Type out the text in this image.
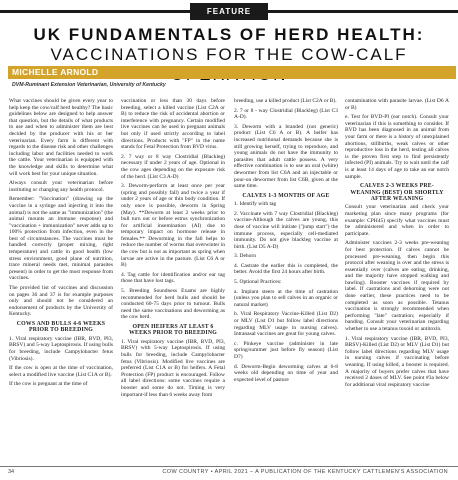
FEATURE
UK FUNDAMENTALS OF HERD HEALTH:
VACCINATIONS FOR THE COW-CALF
MICHELLE ARNOLD
DVM-Ruminant Extension Veterinarian, University of Kentucky

What vaccines should be given every year to help keep the cow/calf herd healthy? The basic guidelines below are designed to help answer that question, but the details of what products to use and when to administer them are best decided by the producer with his or her veterinarian. Every farm is different with regards to the disease risk and other challenges including labor and facilities needed to work the cattle. Your veterinarian is equipped with the knowledge and skills to determine what will work best for your unique situation.

Always consult your veterinarian before instituting or changing any health protocol.

Remember: "Vaccination" (drawing up the vaccine in a syringe and injecting it into the animal) is not the same as "immunization" (the animal mounts an immune response) and "vaccination + immunization" never adds up to 100% protection from infection, even in the best of circumstances. The vaccines must be handled correctly (proper mixing, right temperature) and cattle in good health (low stress environment, good plane of nutrition, trace mineral needs met, minimal parasites present) in order to get the most response from vaccines.

The provided list of vaccines and discussion on pages 36 and 37 is for example purposes only and should not be considered an endorsement of products by the University of Kentucky.

COWS AND BULLS 4-6 WEEKS PRIOR TO BREEDING

1. Viral respiratory vaccine (IBR, BVD, PI3, BRSV) and 5-way Leptospirosis. If using bulls for breeding, include Campylobacter fetus (Vibriosis).

If the cow is open at the time of vaccination, select a modified live vaccine (List C1A or B).

If the cow is pregnant at the time of

vaccination or less than 30 days before breeding, select a killed vaccine (List C2A or B) to reduce the risk of accidental abortion or interference with pregnancy. Certain modified live vaccines can be used in pregnant animals but only if used strictly according to label directions. Products with "FP" in the name stands for Fetal Protection from BVD virus.

2. 7 way or 8 way Clostridial (Blackleg) necessary if under 2 years of age. Optional in the cow ages depending on the exposure risk of the herd. (List C3 A-D)

3. Deworm-perform at least once per year (spring and possibly fall) and twice a year if under 2 years of age or thin body condition. If only once is possible, deworm in Spring (May). **Deworm at least 2 weeks prior to bull turn out or before estrus synchronization for artificial insemination (AI) due to temporary impact on hormone release in females.** Deworming in the fall helps to reduce the number of worms that overwinter in the cow but is not as important as spring when larvae are active in the pasture. (List C6 A or B)

4. Tag cattle for identification and/or ear tag those that have lost tags.

5. Breeding Soundness Exams are highly recommended for herd bulls and should be conducted 60-75 days prior to turnout. Bulls need the same vaccinations and deworming as the cow herd.

OPEN HEIFERS AT LEAST 6 WEEKS PRIOR TO BREEDING

1. Viral respiratory vaccine (IBR, BVD, PI3, BRSV) with 5-way Leptospirosis. If using bulls for breeding, include Campylobacter fetus (Vibriosis). Modified live vaccines are preferred (List C1A or B) for heifers. A Fetal Protection (FP) product is encouraged. Follow all label directions: some vaccines require a booster and some do not. Timing is very important-if less than 6 weeks away from

breeding, use a killed product (List C2A or B).

2. 7 or 8 - way Clostridial (Blackleg) (List C3 A-D).

3. Deworm with a branded (not generic) product (List C6 A or B). A heifer has increased nutritional demands because she is still growing herself, trying to reproduce, and young animals do not have the immunity to parasites that adult cattle possess. A very effective combination is to use an oral (white) dewormer from list C6A and an injectable or pour-on dewormer from list C6B, given at the same time.

CALVES 1-3 MONTHS OF AGE

1. Identify with tag

2. Vaccinate with 7 way Clostridial (Blackleg) vaccine-Although the calves are young, this dose of vaccine will initiate ("jump start") the immune process, especially cell-mediated immunity. Do not give blackleg vaccine at birth. (List D5 A-D)

3. Dehorn

4. Castrate the earlier this is completed, the better. Avoid the first 24 hours after birth.

5. Optional Practices:

a. Implant steers at the time of castration (unless you plan to sell calves in an organic or natural market)

b. Viral Respiratory Vaccine-Killed (List D2) or MLV (List D1 but follow label directions regarding MLV usage in nursing calves). Intranasal vaccines are great for young calves.

c. Pinkeye vaccine (administer in late spring/summer just before fly season) (List D7)

d. Deworm-Begin deworming calves at 6-8 weeks old depending on time of year and expected level of pasture

contamination with parasite larvae. (List D6 A or B)

e. Test for BVD-PI (ear notch). Consult your veterinarian if this is something to consider. If BVD has been diagnosed in an animal from your farm or there is a history of unexplained abortions, stillbirths, weak calves or other reproductive loss in the herd, testing all calves is the proven first step to find persistently infected (PI) animals. Try to wait until the calf is at least 14 days of age to take an ear notch sample.

CALVES 2-3 WEEKS PRE-WEANING (BEST) OR SHORTLY AFTER WEANING

Consult your veterinarian and check your marketing plan since many programs (for example: CPH45) specify what vaccines must be administered and when in order to participate.

Administer vaccines 2-3 weeks pre-weaning for best protection. If calves cannot be processed pre-weaning, then begin this protocol after weaning is over and the stress is essentially over (calves are eating, drinking, and the majority have stopped walking and bawling). Booster vaccines if required by label. If castrations and dehorning were not done earlier, these practices need to be completed as soon as possible. Tetanus vaccination is strongly recommended when performing "late" castration; especially if banding. Consult your veterinarian regarding whether to use a tetanus toxoid or antitoxin.

1. Viral respiratory vaccine (IBR, BVD, PI3, BRSV)-Killed (List D2) or MLV (List D1) but follow label directions regarding MLV usage in nursing calves if vaccinating before weaning. If using killed, a booster is required. A majority of buyers prefer calves that have received 2 doses of MLV. See point #3a below for additional viral respiratory vaccine

34	COW COUNTRY • APRIL 2021 – A PUBLICATION OF THE KENTUCKY CATTLEMEN'S ASSOCIATION
